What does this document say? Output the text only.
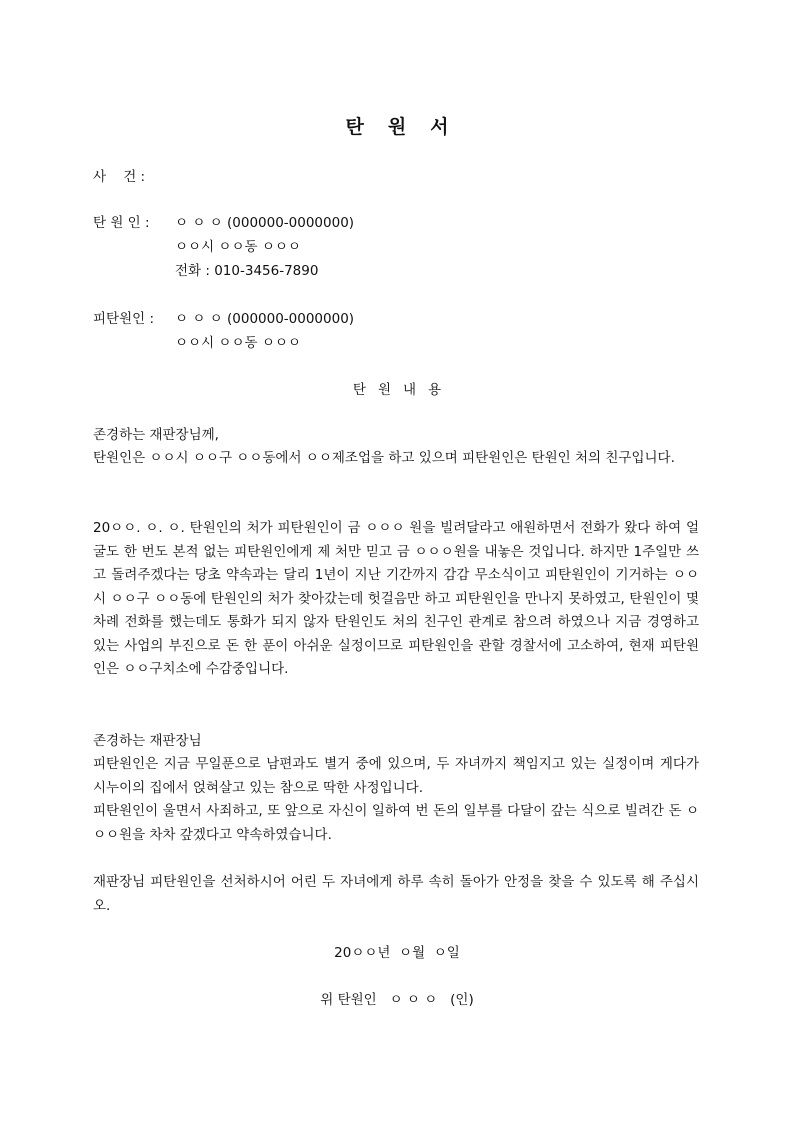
탄원서
사    건 :
탄 원 인 : ㅇ ㅇ ㅇ (000000-0000000)
ㅇㅇ시 ㅇㅇ동 ㅇㅇㅇ
전화 : 010-3456-7890
피탄원인 : ㅇ ㅇ ㅇ (000000-0000000)
ㅇㅇ시 ㅇㅇ동 ㅇㅇㅇ
탄원내용
존경하는 재판장님께,
탄원인은 ㅇㅇ시 ㅇㅇ구 ㅇㅇ동에서 ㅇㅇ제조업을 하고 있으며 피탄원인은 탄원인 처의 친구입니다.
20ㅇㅇ. ㅇ. ㅇ. 탄원인의 처가 피탄원인이 금 ㅇㅇㅇ 원을 빌려달라고 애원하면서 전화가 왔다 하여 얼굴도 한 번도 본적 없는 피탄원인에게 제 처만 믿고 금 ㅇㅇㅇ원을 내놓은 것입니다. 하지만 1주일만 쓰고 돌려주겠다는 당초 약속과는 달리 1년이 지난 기간까지 감감 무소식이고 피탄원인이 기거하는 ㅇㅇ시 ㅇㅇ구 ㅇㅇ동에 탄원인의 처가 찾아갔는데 헛걸음만 하고 피탄원인을 만나지 못하였고, 탄원인이 몇 차례 전화를 했는데도 통화가 되지 않자 탄원인도 처의 친구인 관계로 참으려 하였으나 지금 경영하고 있는 사업의 부진으로 돈 한 푼이 아쉬운 실정이므로 피탄원인을 관할 경찰서에 고소하여, 현재 피탄원인은 ㅇㅇ구치소에 수감중입니다.
존경하는 재판장님
피탄원인은 지금 무일푼으로 남편과도 별거 중에 있으며, 두 자녀까지 책임지고 있는 실정이며 게다가 시누이의 집에서 얹혀살고 있는 참으로 딱한 사정입니다.
피탄원인이 울면서 사죄하고, 또 앞으로 자신이 일하여 번 돈의 일부를 다달이 갚는 식으로 빌려간 돈 ㅇㅇㅇ원을 차차 갚겠다고 약속하였습니다.
재판장님 피탄원인을 선처하시어 어린 두 자녀에게 하루 속히 돌아가 안정을 찾을 수 있도록 해 주십시오.
20ㅇㅇ년  ㅇ월  ㅇ일
위 탄원인   ㅇ ㅇ ㅇ   (인)
